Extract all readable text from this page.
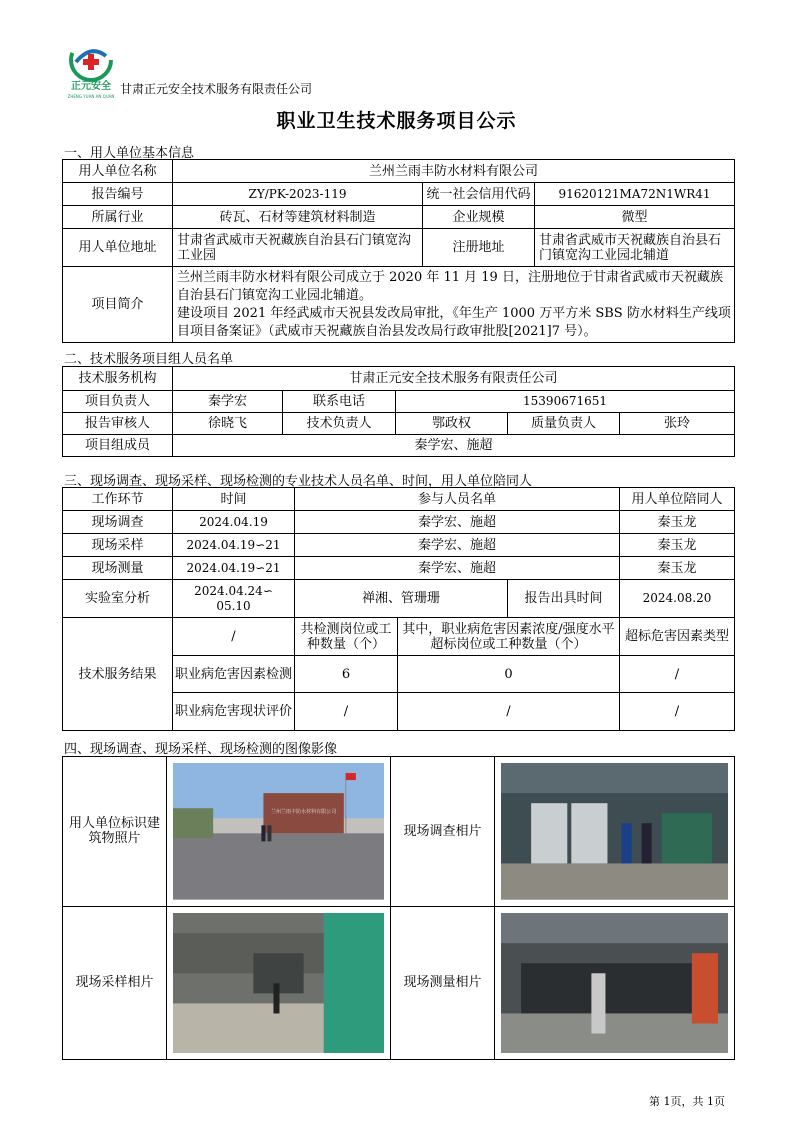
正元安全
ZHENG YUAN AN QUAN
甘肃正元安全技术服务有限责任公司
职业卫生技术服务项目公示
一、用人单位基本信息
用人单位名称	兰州兰雨丰防水材料有限公司		
报告编号	ZY/PK-2023-119	统一社会信用代码	91620121MA72N1WR41
所属行业	砖瓦、石材等建筑材料制造	企业规模	微型
用人单位地址	甘肃省武威市天祝藏族自治县石门镇宽沟工业园	注册地址	甘肃省武威市天祝藏族自治县石门镇宽沟工业园北辅道
项目简介	兰州兰雨丰防水材料有限公司成立于 2020 年 11 月 19 日，注册地位于甘肃省武威市天祝藏族自治县石门镇宽沟工业园北辅道。
建设项目 2021 年经武威市天祝县发改局审批，《年生产 1000 万平方米 SBS 防水材料生产线项目项目备案证》（武威市天祝藏族自治县发改局行政审批股[2021]7 号）。		
二、技术服务项目组人员名单
技术服务机构	甘肃正元安全技术服务有限责任公司				
项目负责人	秦学宏	联系电话	15390671651		
报告审核人	徐晓飞	技术负责人	鄂政权	质量负责人	张玲
项目组成员	秦学宏、施超				
三、现场调查、现场采样、现场检测的专业技术人员名单、时间，用人单位陪同人
工作环节	时间	参与人员名单			用人单位陪同人
现场调查	2024.04.19	秦学宏、施超			秦玉龙
现场采样	2024.04.19∽21	秦学宏、施超			秦玉龙
现场测量	2024.04.19∽21	秦学宏、施超			秦玉龙
实验室分析	2024.04.24∽
05.10	禅湘、管珊珊		报告出具时间	2024.08.20
技术服务结果	/	共检测岗位或工种数量（个）	其中，职业病危害因素浓度/强度水平超标岗位或工种数量（个）		超标危害因素类型
	职业病危害因素检测	6	0		/
	职业病危害现状评价	/	/		/
四、现场调查、现场采样、现场检测的图像影像
用人单位标识建筑物照片	兰州兰雨丰防水材料有限公司	现场调查相片	

现场采样相片		现场测量相片	
第 1页，共 1页
